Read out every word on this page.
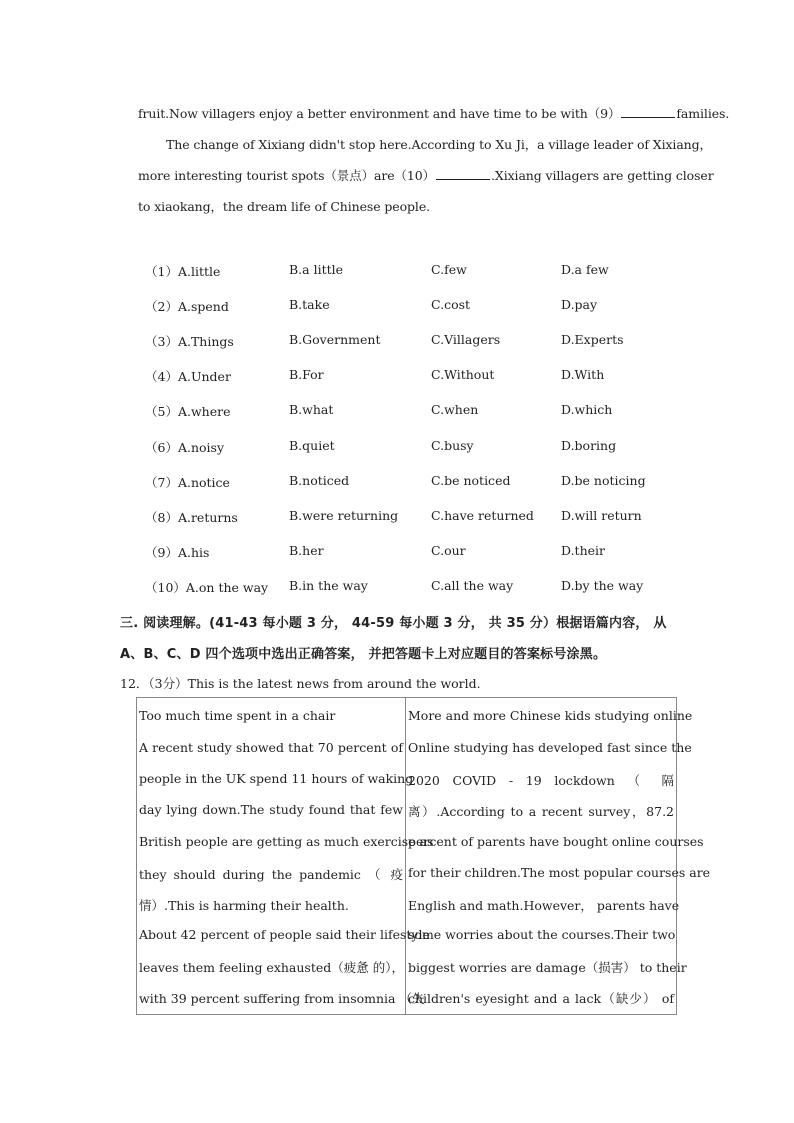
fruit.Now villagers enjoy a better environment and have time to be with（9）	families.
The change of Xixiang didn't stop here.According to Xu Ji，a village leader of Xixiang，
more interesting tourist spots（景点）are（10）	.Xixiang villagers are getting closer
to xiaokang，the dream life of Chinese people.
（1）A.little	B.a little	C.few	D.a few
（2）A.spend	B.take	C.cost	D.pay
（3）A.Things	B.Government	C.Villagers	D.Experts
（4）A.Under	B.For	C.Without	D.With
（5）A.where	B.what	C.when	D.which
（6）A.noisy	B.quiet	C.busy	D.boring
（7）A.notice	B.noticed	C.be noticed	D.be noticing
（8）A.returns	B.were returning	C.have returned D.will return
（9）A.his	B.her	C.our	D.their
（10）A.on the way B.in the way	C.all the way	D.by the way
三. 阅读理解。(41-43 每小题 3 分， 44-59 每小题 3 分， 共 35 分）根据语篇内容， 从
A、B、C、D 四个选项中选出正确答案， 并把答题卡上对应题目的答案标号涂黑。
12．（3分）This is the latest news from around the world.
Too much time spent in a chair
A recent study showed that 70 percent of
people in the UK spend 11 hours of waking
day lying down.The study found that few
British people are getting as much exercise as
they should during the pandemic （ 疫
情）.This is harming their health.
About 42 percent of people said their lifestyle
leaves them feeling exhausted（疲惫 的），
with 39 percent suffering from insomnia （失

More and more Chinese kids studying online
Online studying has developed fast since the
2020 COVID - 19 lockdown （ 隔
离）.According to a recent survey，87.2
percent of parents have bought online courses
for their children.The most popular courses are
English and math.However， parents have
some worries about the courses.Their two
biggest worries are damage（损害） to their
children's eyesight and a lack（缺少） of
